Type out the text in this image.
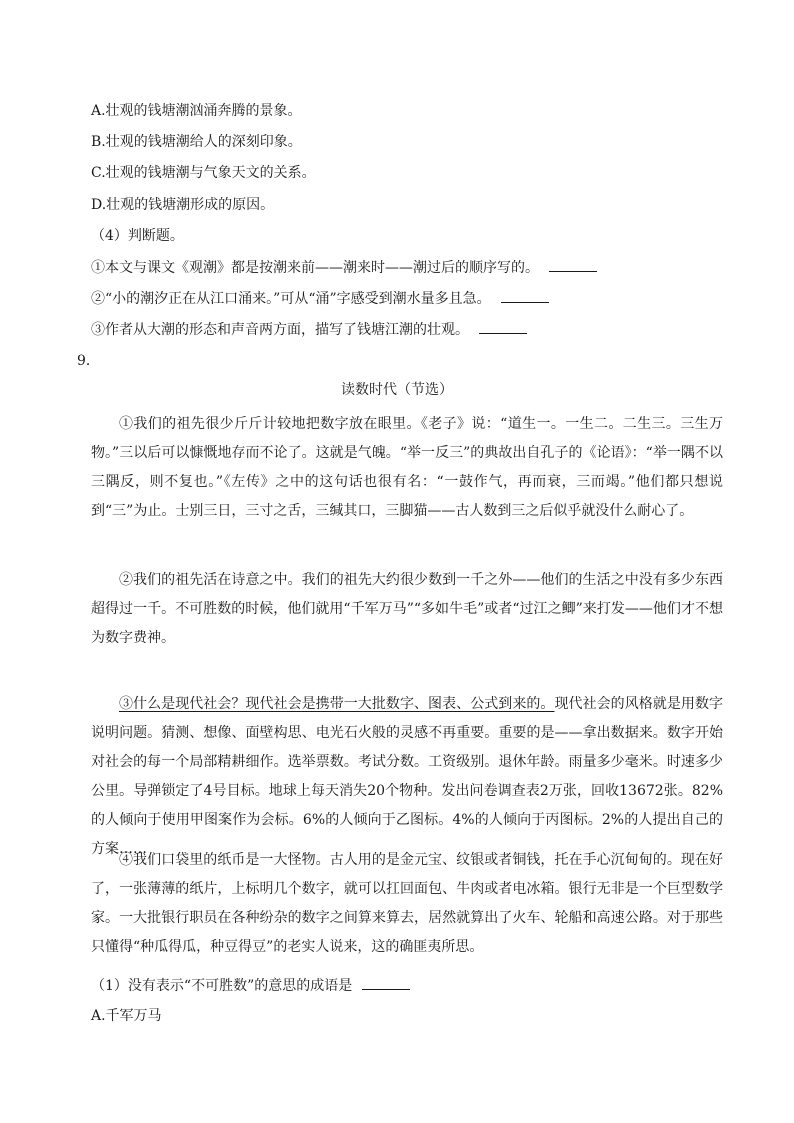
A.壮观的钱塘潮汹涌奔腾的景象。
B.壮观的钱塘潮给人的深刻印象。
C.壮观的钱塘潮与气象天文的关系。
D.壮观的钱塘潮形成的原因。
（4）判断题。
①本文与课文《观潮》都是按潮来前——潮来时——潮过后的顺序写的。
②“小的潮汐正在从江口涌来。”可从“涌”字感受到潮水量多且急。
③作者从大潮的形态和声音两方面，描写了钱塘江潮的壮观。
9．
读数时代（节选）
①我们的祖先很少斤斤计较地把数字放在眼里。《老子》说：“道生一。一生二。二生三。三生万物。”三以后可以慷慨地存而不论了。这就是气魄。“举一反三”的典故出自孔子的《论语》：“举一隅不以三隅反，则不复也。”《左传》之中的这句话也很有名：“一鼓作气，再而衰，三而竭。”他们都只想说到“三”为止。士别三日，三寸之舌，三缄其口，三脚猫——古人数到三之后似乎就没什么耐心了。
②我们的祖先活在诗意之中。我们的祖先大约很少数到一千之外——他们的生活之中没有多少东西超得过一千。不可胜数的时候，他们就用“千军万马”“多如牛毛”或者“过江之鲫”来打发——他们才不想为数字费神。
③什么是现代社会？现代社会是携带一大批数字、图表、公式到来的。现代社会的风格就是用数字说明问题。猜测、想像、面壁构思、电光石火般的灵感不再重要。重要的是——拿出数据来。数字开始对社会的每一个局部精耕细作。选举票数。考试分数。工资级别。退休年龄。雨量多少毫米。时速多少公里。导弹锁定了4号目标。地球上每天消失20个物种。发出问卷调查表2万张，回收13672张。82%的人倾向于使用甲图案作为会标。6%的人倾向于乙图标。4%的人倾向于丙图标。2%的人提出自己的方案……
④我们口袋里的纸币是一大怪物。古人用的是金元宝、纹银或者铜钱，托在手心沉甸甸的。现在好了，一张薄薄的纸片，上标明几个数字，就可以扛回面包、牛肉或者电冰箱。银行无非是一个巨型数学家。一大批银行职员在各种纷杂的数字之间算来算去，居然就算出了火车、轮船和高速公路。对于那些只懂得“种瓜得瓜，种豆得豆”的老实人说来，这的确匪夷所思。
（1）没有表示“不可胜数”的意思的成语是
A.千军万马
